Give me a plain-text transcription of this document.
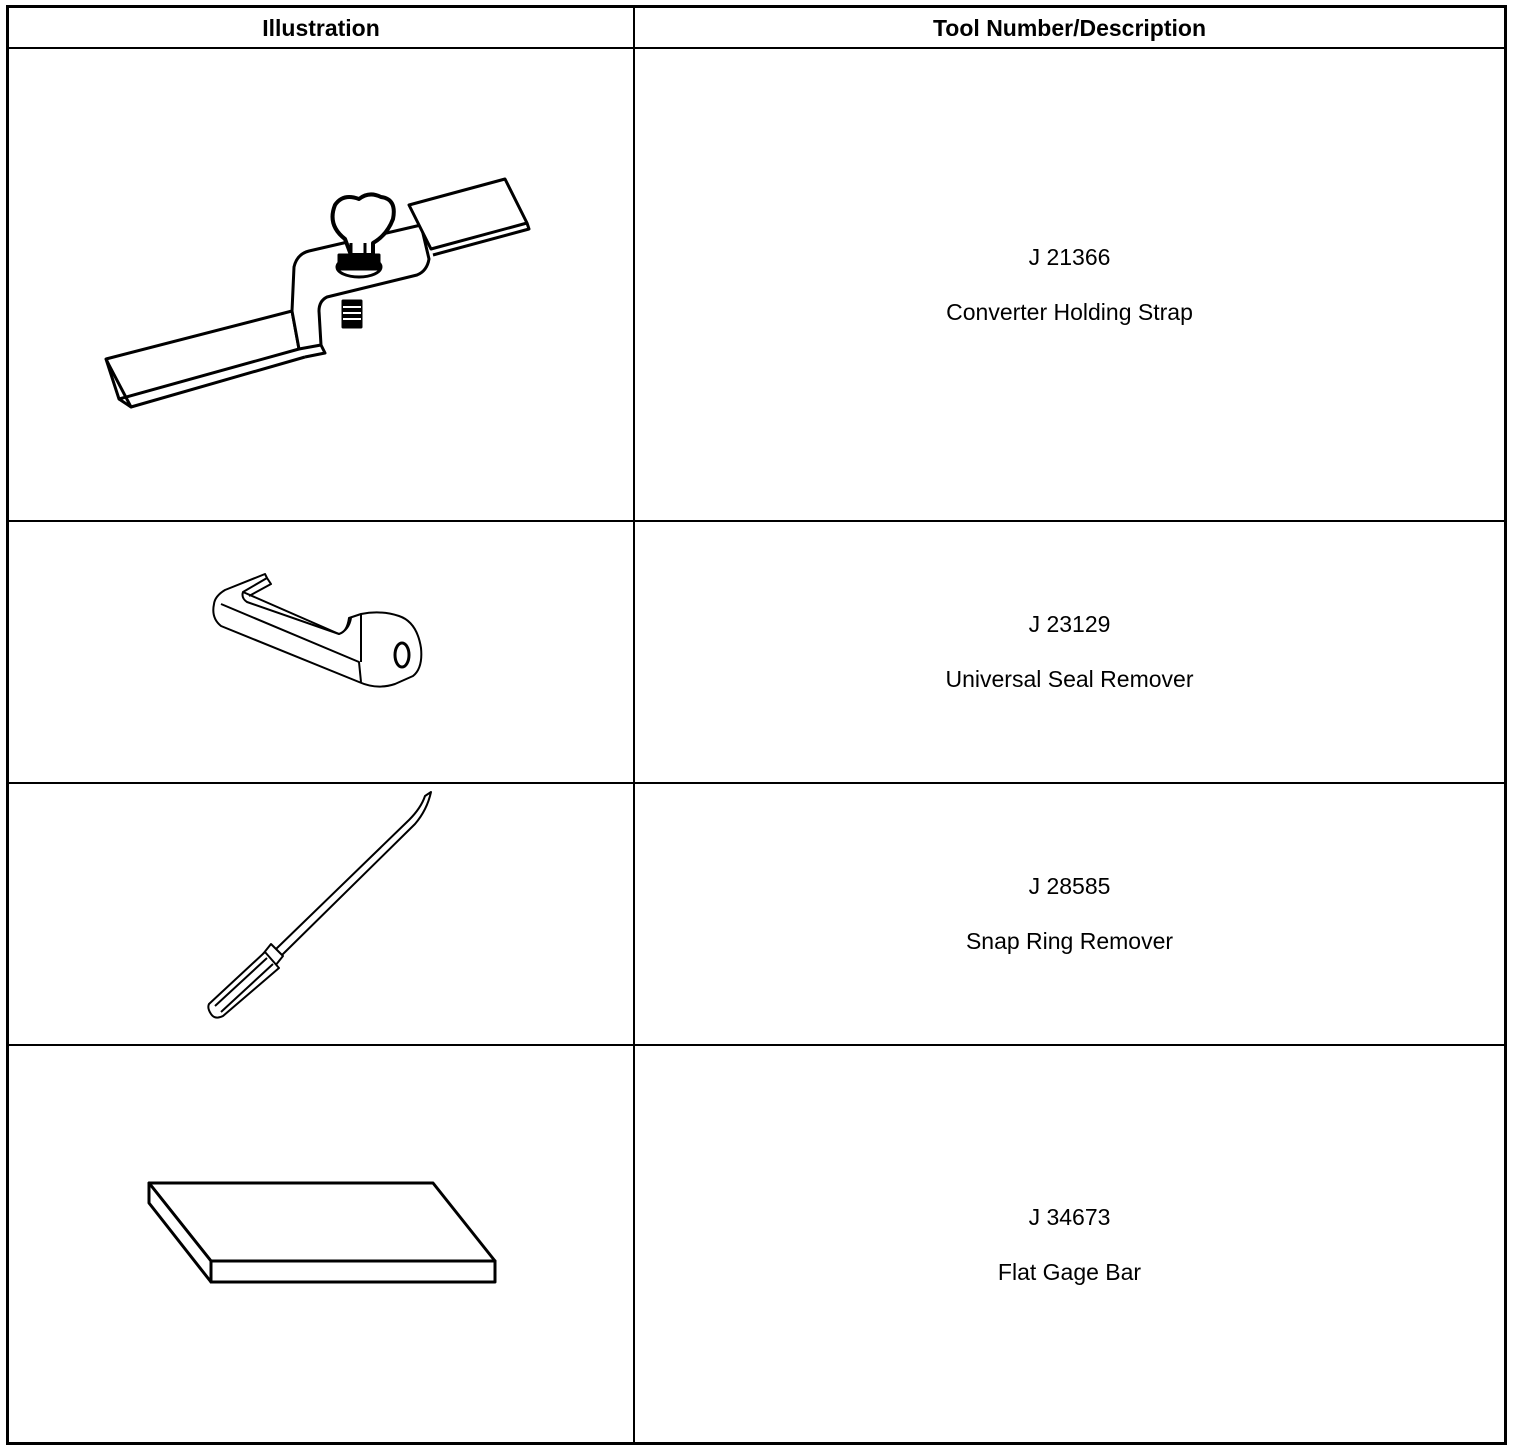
Illustration	Tool Number/Description
J 21366
Converter Holding Strap
J 23129
Universal Seal Remover
J 28585
Snap Ring Remover
J 34673
Flat Gage Bar
